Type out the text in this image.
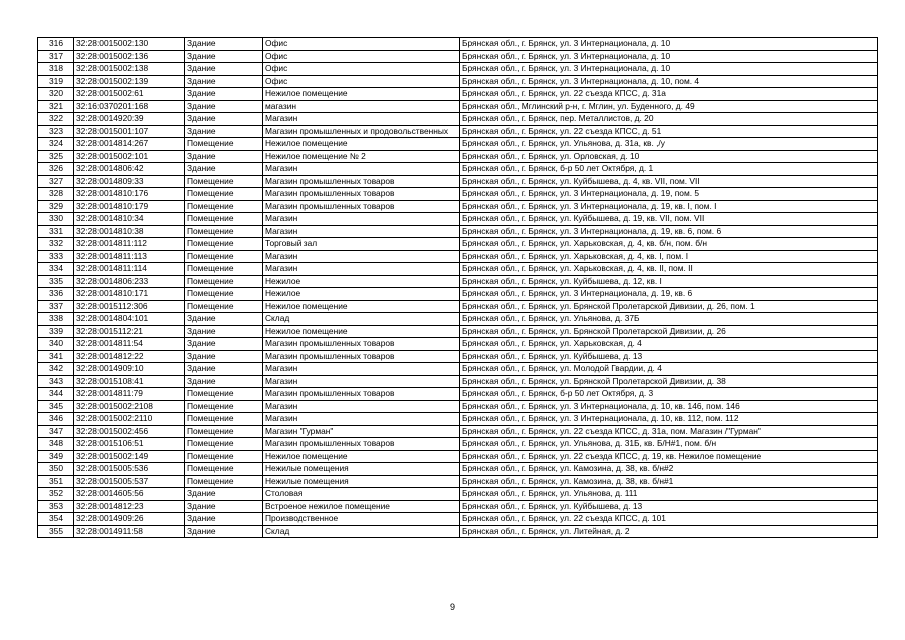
316	32:28:0015002:130	Здание	Офис	Брянская обл., г. Брянск, ул. 3 Интернационала, д. 10
317	32:28:0015002:136	Здание	Офис	Брянская обл., г. Брянск, ул. 3 Интернационала, д. 10
318	32:28:0015002:138	Здание	Офис	Брянская обл., г. Брянск, ул. 3 Интернационала, д. 10
319	32:28:0015002:139	Здание	Офис	Брянская обл., г. Брянск, ул. 3 Интернационала, д. 10, пом. 4
320	32:28:0015002:61	Здание	Нежилое помещение	Брянская обл., г. Брянск, ул. 22 съезда КПСС, д. 31а
321	32:16:0370201:168	Здание	магазин	Брянская обл., Мглинский р-н, г. Мглин, ул. Буденного, д. 49
322	32:28:0014920:39	Здание	Магазин	Брянская обл., г. Брянск, пер. Металлистов, д. 20
323	32:28:0015001:107	Здание	Магазин промышленных и продовольственных	Брянская обл., г. Брянск, ул. 22 съезда КПСС, д. 51
324	32:28:0014814:267	Помещение	Нежилое помещение	Брянская обл., г. Брянск, ул. Ульянова, д. 31а, кв. ,/у
325	32:28:0015002:101	Здание	Нежилое помещение № 2	Брянская обл., г. Брянск, ул. Орловская, д. 10
326	32:28:0014806:42	Здание	Магазин	Брянская обл., г. Брянск, б-р 50 лет Октября, д. 1
327	32:28:0014809:33	Помещение	Магазин промышленных товаров	Брянская обл., г. Брянск, ул. Куйбышева, д. 4, кв. VII, пом. VII
328	32:28:0014810:176	Помещение	Магазин промышленных товаров	Брянская обл., г. Брянск, ул. 3 Интернационала, д. 19, пом. 5
329	32:28:0014810:179	Помещение	Магазин промышленных товаров	Брянская обл., г. Брянск, ул. 3 Интернационала, д. 19, кв. I, пом. I
330	32:28:0014810:34	Помещение	Магазин	Брянская обл., г. Брянск, ул. Куйбышева, д. 19, кв. VII, пом. VII
331	32:28:0014810:38	Помещение	Магазин	Брянская обл., г. Брянск, ул. 3 Интернационала, д. 19, кв. 6, пом. 6
332	32:28:0014811:112	Помещение	Торговый зал	Брянская обл., г. Брянск, ул. Харьковская, д. 4, кв. б/н, пом. б/н
333	32:28:0014811:113	Помещение	Магазин	Брянская обл., г. Брянск, ул. Харьковская, д. 4, кв. I, пом. I
334	32:28:0014811:114	Помещение	Магазин	Брянская обл., г. Брянск, ул. Харьковская, д. 4, кв. II, пом. II
335	32:28:0014806:233	Помещение	Нежилое	Брянская обл., г. Брянск, ул. Куйбышева, д. 12, кв. I
336	32:28:0014810:171	Помещение	Нежилое	Брянская обл., г. Брянск, ул. 3 Интернационала, д. 19, кв. 6
337	32:28:0015112:306	Помещение	Нежилое помещение	Брянская обл., г. Брянск, ул. Брянской Пролетарской Дивизии, д. 26, пом. 1
338	32:28:0014804:101	Здание	Склад	Брянская обл., г. Брянск, ул. Ульянова, д. 37Б
339	32:28:0015112:21	Здание	Нежилое помещение	Брянская обл., г. Брянск, ул. Брянской Пролетарской Дивизии, д. 26
340	32:28:0014811:54	Здание	Магазин промышленных товаров	Брянская обл., г. Брянск, ул. Харьковская, д. 4
341	32:28:0014812:22	Здание	Магазин промышленных товаров	Брянская обл., г. Брянск, ул. Куйбышева, д. 13
342	32:28:0014909:10	Здание	Магазин	Брянская обл., г. Брянск, ул. Молодой Гвардии, д. 4
343	32:28:0015108:41	Здание	Магазин	Брянская обл., г. Брянск, ул. Брянской Пролетарской Дивизии, д. 38
344	32:28:0014811:79	Помещение	Магазин промышленных товаров	Брянская обл., г. Брянск, б-р 50 лет Октября, д. 3
345	32:28:0015002:2108	Помещение	Магазин	Брянская обл., г. Брянск, ул. 3 Интернационала, д. 10, кв. 146, пом. 146
346	32:28:0015002:2110	Помещение	Магазин	Брянская обл., г. Брянск, ул. 3 Интернационала, д. 10, кв. 112, пом. 112
347	32:28:0015002:456	Помещение	Магазин "Гурман"	Брянская обл., г. Брянск, ул. 22 съезда КПСС, д. 31а, пом. Магазин /"Гурман"
348	32:28:0015106:51	Помещение	Магазин промышленных товаров	Брянская обл., г. Брянск, ул. Ульянова, д. 31Б, кв. Б/Н#1, пом. б/н
349	32:28:0015002:149	Помещение	Нежилое помещение	Брянская обл., г. Брянск, ул. 22 съезда КПСС, д. 19, кв. Нежилое помещение
350	32:28:0015005:536	Помещение	Нежилые помещения	Брянская обл., г. Брянск, ул. Камозина, д. 38, кв. б/н#2
351	32:28:0015005:537	Помещение	Нежилые помещения	Брянская обл., г. Брянск, ул. Камозина, д. 38, кв. б/н#1
352	32:28:0014605:56	Здание	Столовая	Брянская обл., г. Брянск, ул. Ульянова, д. 111
353	32:28:0014812:23	Здание	Встроеное нежилое помещение	Брянская обл., г. Брянск, ул. Куйбышева, д. 13
354	32:28:0014909:26	Здание	Производственное	Брянская обл., г. Брянск, ул. 22 съезда КПСС, д. 101
355	32:28:0014911:58	Здание	Склад	Брянская обл., г. Брянск, ул. Литейная, д. 2
9
